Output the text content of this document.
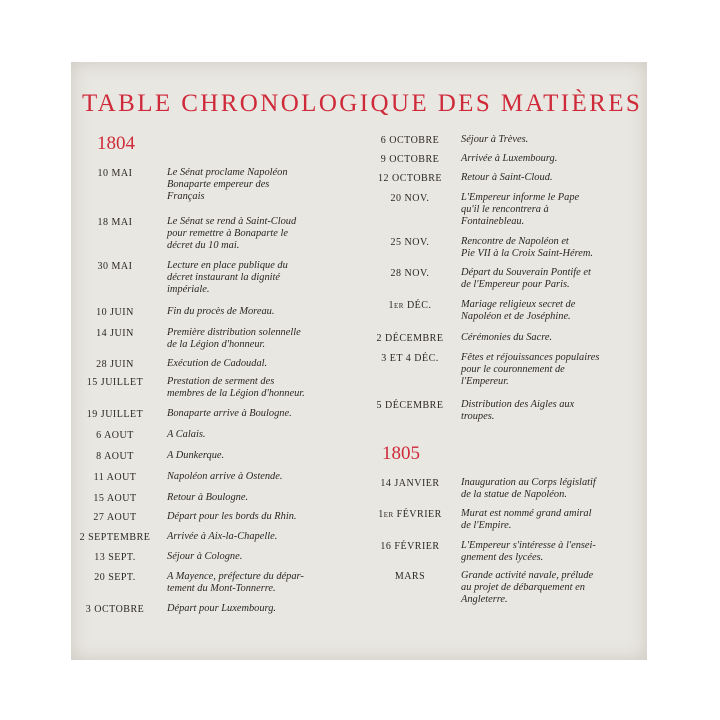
TABLE CHRONOLOGIQUE DES MATIÈRES
1804
10 MAI	Le Sénat proclame Napoléon
Bonaparte empereur des
Français
18 MAI	Le Sénat se rend à Saint-Cloud
pour remettre à Bonaparte le
décret du 10 mai.
30 MAI	Lecture en place publique du
décret instaurant la dignité
impériale.
10 JUIN	Fin du procès de Moreau.
14 JUIN	Première distribution solennelle
de la Légion d'honneur.
28 JUIN	Exécution de Cadoudal.
15 JUILLET	Prestation de serment des
membres de la Légion d'honneur.
19 JUILLET	Bonaparte arrive à Boulogne.
6 AOUT	A Calais.
8 AOUT	A Dunkerque.
11 AOUT	Napoléon arrive à Ostende.
15 AOUT	Retour à Boulogne.
27 AOUT	Départ pour les bords du Rhin.
2 SEPTEMBRE	Arrivée à Aix-la-Chapelle.
13 SEPT.	Séjour à Cologne.
20 SEPT.	A Mayence, préfecture du dépar-
tement du Mont-Tonnerre.
3 OCTOBRE	Départ pour Luxembourg.
6 OCTOBRE	Séjour à Trèves.
9 OCTOBRE	Arrivée à Luxembourg.
12 OCTOBRE	Retour à Saint-Cloud.
20 NOV.	L'Empereur informe le Pape
qu'il le rencontrera à
Fontainebleau.
25 NOV.	Rencontre de Napoléon et
Pie VII à la Croix Saint-Hérem.
28 NOV.	Départ du Souverain Pontife et
de l'Empereur pour Paris.
1er DÉC.	Mariage religieux secret de
Napoléon et de Joséphine.
2 DÉCEMBRE	Cérémonies du Sacre.
3 ET 4 DÉC.	Fêtes et réjouissances populaires
pour le couronnement de
l'Empereur.
5 DÉCEMBRE	Distribution des Aigles aux
troupes.
1805
14 JANVIER	Inauguration au Corps législatif
de la statue de Napoléon.
1er FÉVRIER	Murat est nommé grand amiral
de l'Empire.
16 FÉVRIER	L'Empereur s'intéresse à l'ensei-
gnement des lycées.
MARS	Grande activité navale, prélude
au projet de débarquement en
Angleterre.
